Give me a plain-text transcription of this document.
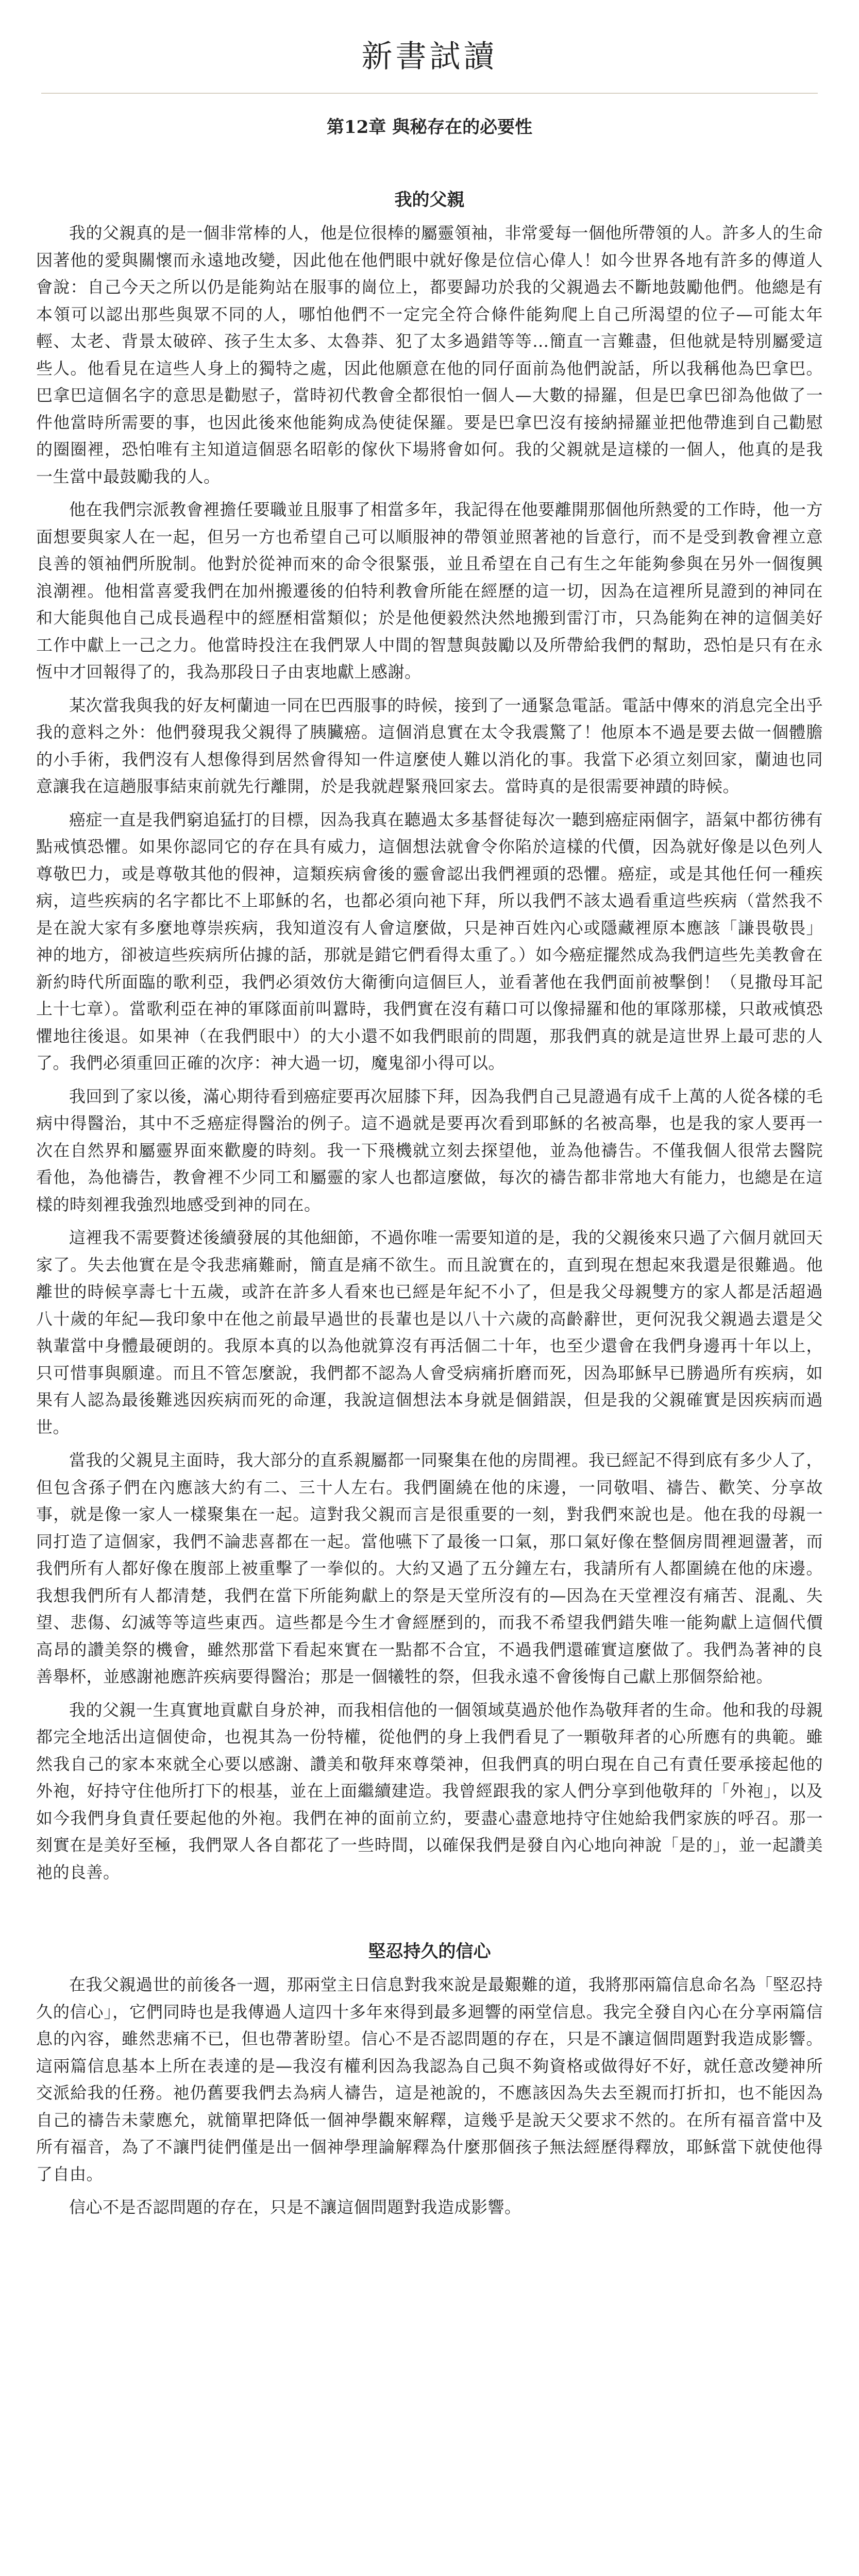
新書試讀
第12章 與秘存在的必要性
我的父親

我的父親真的是一個非常棒的人，他是位很棒的屬靈領袖，非常愛每一個他所帶領的人。許多人的生命因著他的愛與關懷而永遠地改變，因此他在他們眼中就好像是位信心偉人！如今世界各地有許多的傳道人會說：自己今天之所以仍是能夠站在服事的崗位上，都要歸功於我的父親過去不斷地鼓勵他們。他總是有本領可以認出那些與眾不同的人，哪怕他們不一定完全符合條件能夠爬上自己所渴望的位子—可能太年輕、太老、背景太破碎、孩子生太多、太魯莽、犯了太多過錯等等…簡直一言難盡，但他就是特別屬愛這些人。他看見在這些人身上的獨特之處，因此他願意在他的同仔面前為他們說話，所以我稱他為巴拿巴。巴拿巴這個名字的意思是勸慰子，當時初代教會全都很怕一個人—大數的掃羅，但是巴拿巴卻為他做了一件他當時所需要的事，也因此後來他能夠成為使徒保羅。要是巴拿巴沒有接納掃羅並把他帶進到自己勸慰的圈圈裡，恐怕唯有主知道這個惡名昭彰的傢伙下場將會如何。我的父親就是這樣的一個人，他真的是我一生當中最鼓勵我的人。

他在我們宗派教會裡擔任要職並且服事了相當多年，我記得在他要離開那個他所熱愛的工作時，他一方面想要與家人在一起，但另一方也希望自己可以順服神的帶領並照著祂的旨意行，而不是受到教會裡立意良善的領袖們所脫制。他對於從神而來的命令很緊張，並且希望在自己有生之年能夠參與在另外一個復興浪潮裡。他相當喜愛我們在加州搬遷後的伯特利教會所能在經歷的這一切，因為在這裡所見證到的神同在和大能與他自己成長過程中的經歷相當類似；於是他便毅然決然地搬到雷汀市，只為能夠在神的這個美好工作中獻上一己之力。他當時投注在我們眾人中間的智慧與鼓勵以及所帶給我們的幫助，恐怕是只有在永恆中才回報得了的，我為那段日子由衷地獻上感謝。

某次當我與我的好友柯蘭迪一同在巴西服事的時候，接到了一通緊急電話。電話中傳來的消息完全出乎我的意料之外：他們發現我父親得了胰臟癌。這個消息實在太令我震驚了！他原本不過是要去做一個體膽的小手術，我們沒有人想像得到居然會得知一件這麼使人難以消化的事。我當下必須立刻回家，蘭迪也同意讓我在這趟服事結束前就先行離開，於是我就趕緊飛回家去。當時真的是很需要神蹟的時候。

癌症一直是我們窮追猛打的目標，因為我真在聽過太多基督徒每次一聽到癌症兩個字，語氣中都彷彿有點戒慎恐懼。如果你認同它的存在具有威力，這個想法就會令你陷於這樣的代價，因為就好像是以色列人尊敬巴力，或是尊敬其他的假神，這類疾病會後的靈會認出我們裡頭的恐懼。癌症，或是其他任何一種疾病，這些疾病的名字都比不上耶穌的名，也都必須向祂下拜，所以我們不該太過看重這些疾病（當然我不是在說大家有多麼地尊崇疾病，我知道沒有人會這麼做，只是神百姓內心或隱藏裡原本應該「謙畏敬畏」神的地方，卻被這些疾病所佔據的話，那就是錯它們看得太重了。）如今癌症擺然成為我們這些先美教會在新約時代所面臨的歌利亞，我們必須效仿大衛衝向這個巨人，並看著他在我們面前被擊倒！（見撒母耳記上十七章）。當歌利亞在神的軍隊面前叫囂時，我們實在沒有藉口可以像掃羅和他的軍隊那樣，只敢戒慎恐懼地往後退。如果神（在我們眼中）的大小還不如我們眼前的問題，那我們真的就是這世界上最可悲的人了。我們必須重回正確的次序：神大過一切，魔鬼卻小得可以。

我回到了家以後，滿心期待看到癌症要再次屈膝下拜，因為我們自己見證過有成千上萬的人從各樣的毛病中得醫治，其中不乏癌症得醫治的例子。這不過就是要再次看到耶穌的名被高舉，也是我的家人要再一次在自然界和屬靈界面來歡慶的時刻。我一下飛機就立刻去探望他，並為他禱告。不僅我個人很常去醫院看他，為他禱告，教會裡不少同工和屬靈的家人也都這麼做，每次的禱告都非常地大有能力，也總是在這樣的時刻裡我強烈地感受到神的同在。

這裡我不需要贅述後續發展的其他細節，不過你唯一需要知道的是，我的父親後來只過了六個月就回天家了。失去他實在是令我悲痛難耐，簡直是痛不欲生。而且說實在的，直到現在想起來我還是很難過。他離世的時候享壽七十五歲，或許在許多人看來也已經是年紀不小了，但是我父母親雙方的家人都是活超過八十歲的年紀—我印象中在他之前最早過世的長輩也是以八十六歲的高齡辭世，更何況我父親過去還是父執輩當中身體最硬朗的。我原本真的以為他就算沒有再活個二十年，也至少還會在我們身邊再十年以上，只可惜事與願違。而且不管怎麼說，我們都不認為人會受病痛折磨而死，因為耶穌早已勝過所有疾病，如果有人認為最後難逃因疾病而死的命運，我說這個想法本身就是個錯誤，但是我的父親確實是因疾病而過世。

當我的父親見主面時，我大部分的直系親屬都一同聚集在他的房間裡。我已經記不得到底有多少人了，但包含孫子們在內應該大約有二、三十人左右。我們圍繞在他的床邊，一同敬唱、禱告、歡笑、分享故事，就是像一家人一樣聚集在一起。這對我父親而言是很重要的一刻，對我們來說也是。他在我的母親一同打造了這個家，我們不論悲喜都在一起。當他嚥下了最後一口氣，那口氣好像在整個房間裡迴盪著，而我們所有人都好像在腹部上被重擊了一拳似的。大約又過了五分鐘左右，我請所有人都圍繞在他的床邊。我想我們所有人都清楚，我們在當下所能夠獻上的祭是天堂所沒有的—因為在天堂裡沒有痛苦、混亂、失望、悲傷、幻滅等等這些東西。這些都是今生才會經歷到的，而我不希望我們錯失唯一能夠獻上這個代價高昂的讚美祭的機會，雖然那當下看起來實在一點都不合宜，不過我們還確實這麼做了。我們為著神的良善舉杯，並感謝祂應許疾病要得醫治；那是一個犧牲的祭，但我永遠不會後悔自己獻上那個祭給祂。

我的父親一生真實地貢獻自身於神，而我相信他的一個領域莫過於他作為敬拜者的生命。他和我的母親都完全地活出這個使命，也視其為一份特權，從他們的身上我們看見了一顆敬拜者的心所應有的典範。雖然我自己的家本來就全心要以感謝、讚美和敬拜來尊榮神，但我們真的明白現在自己有責任要承接起他的外袍，好持守住他所打下的根基，並在上面繼續建造。我曾經跟我的家人們分享到他敬拜的「外袍」，以及如今我們身負責任要起他的外袍。我們在神的面前立約，要盡心盡意地持守住她給我們家族的呼召。那一刻實在是美好至極，我們眾人各自都花了一些時間，以確保我們是發自內心地向神說「是的」，並一起讚美祂的良善。

堅忍持久的信心

在我父親過世的前後各一週，那兩堂主日信息對我來說是最艱難的道，我將那兩篇信息命名為「堅忍持久的信心」，它們同時也是我傳過人這四十多年來得到最多迴響的兩堂信息。我完全發自內心在分享兩篇信息的內容，雖然悲痛不已，但也帶著盼望。信心不是否認問題的存在，只是不讓這個問題對我造成影響。這兩篇信息基本上所在表達的是—我沒有權利因為我認為自己與不夠資格或做得好不好，就任意改變神所交派給我的任務。祂仍舊要我們去為病人禱告，這是祂說的，不應該因為失去至親而打折扣，也不能因為自己的禱告未蒙應允，就簡單把降低一個神學觀來解釋，這幾乎是說天父要求不然的。在所有福音當中及所有福音，為了不讓門徒們僅是出一個神學理論解釋為什麼那個孩子無法經歷得釋放，耶穌當下就使他得了自由。

信心不是否認問題的存在，只是不讓這個問題對我造成影響。
